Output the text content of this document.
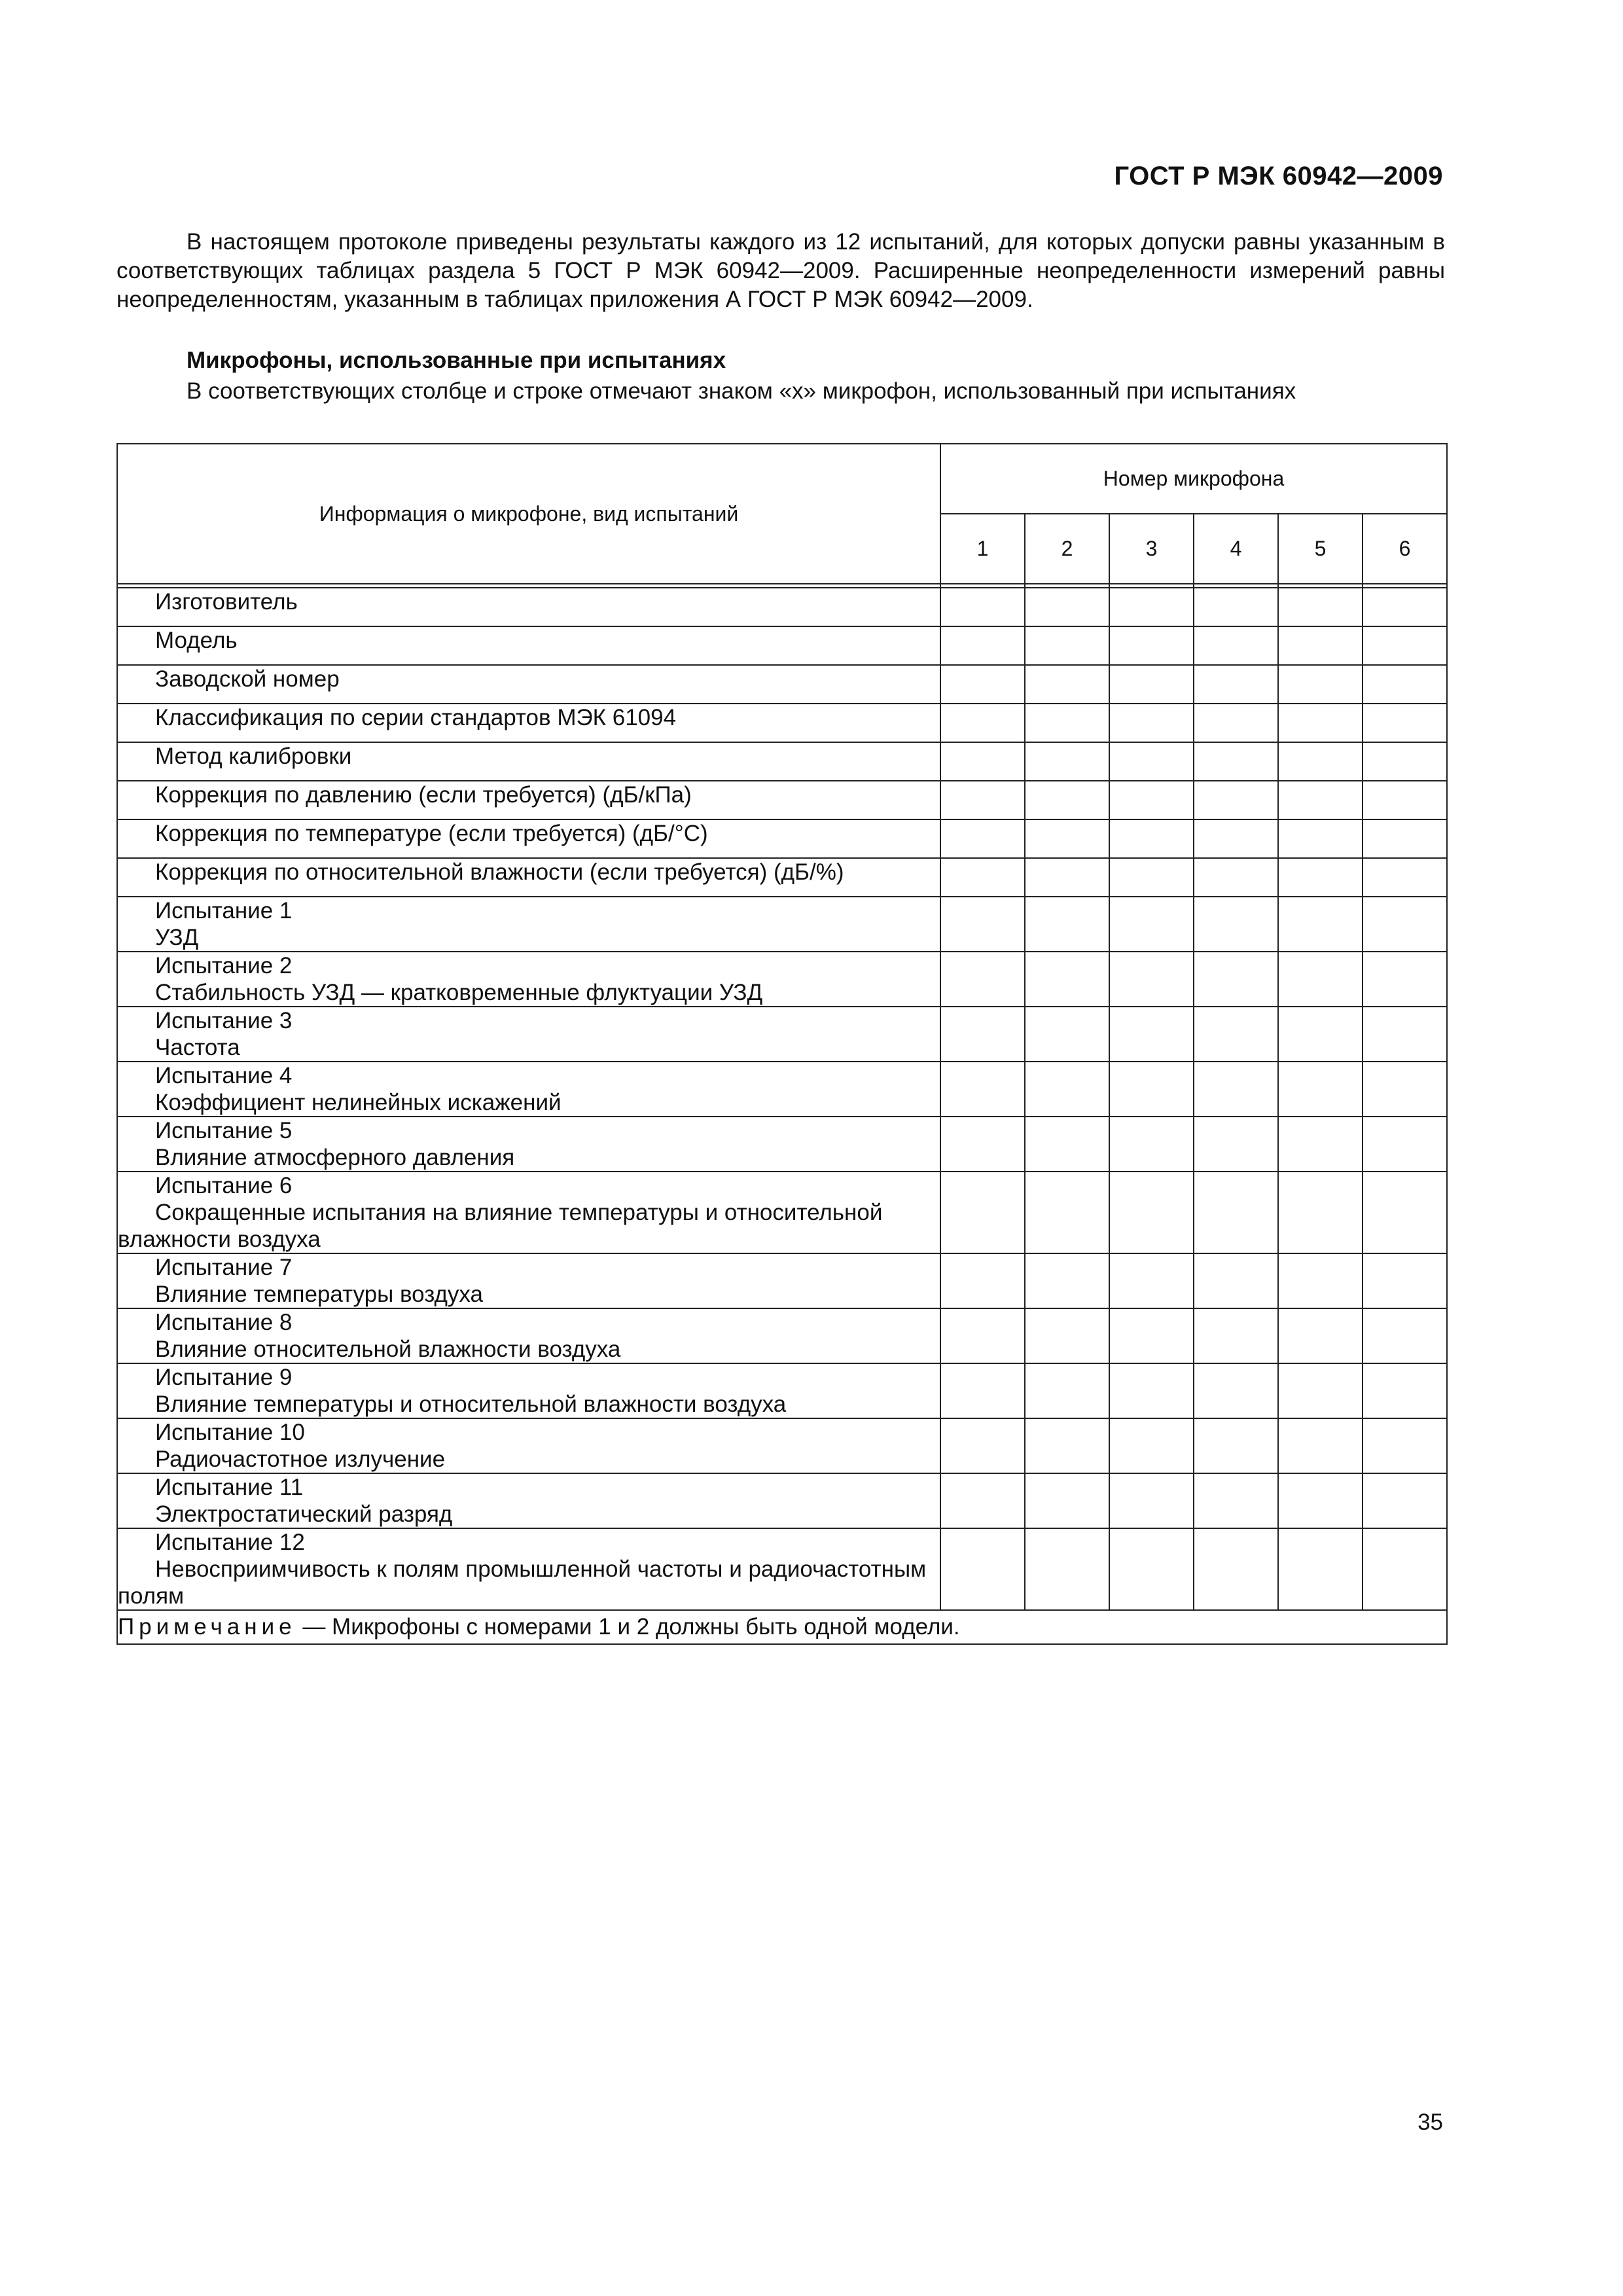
ГОСТ Р МЭК 60942—2009

В настоящем протоколе приведены результаты каждого из 12 испытаний, для которых допуски равны указанным в соответствующих таблицах раздела 5 ГОСТ Р МЭК 60942—2009. Расширенные неопределенности измерений равны неопределенностям, указанным в таблицах приложения А ГОСТ Р МЭК 60942—2009.

Микрофоны, использованные при испытаниях

В соответствующих столбце и строке отмечают знаком «х» микрофон, использованный при испытаниях

Информация о микрофоне, вид испытаний	Номер микрофона					
	1	2	3	4	5	6

Изготовитель						

Модель						

Заводской номер						

Классификация по серии стандартов МЭК 61094						

Метод калибровки						

Коррекция по давлению (если требуется) (дБ/кПа)						

Коррекция по температуре (если требуется) (дБ/°С)						

Коррекция по относительной влажности (если требуется) (дБ/%)						

Испытание 1
УЗД						

Испытание 2
Стабильность УЗД — кратковременные флуктуации УЗД						

Испытание 3
Частота						

Испытание 4
Коэффициент нелинейных искажений						

Испытание 5
Влияние атмосферного давления						

Испытание 6
Сокращенные испытания на влияние температуры и относительной влажности воздуха						

Испытание 7
Влияние температуры воздуха						

Испытание 8
Влияние относительной влажности воздуха						

Испытание 9
Влияние температуры и относительной влажности воздуха						

Испытание 10
Радиочастотное излучение						

Испытание 11
Электростатический разряд						

Испытание 12
Невосприимчивость к полям промышленной частоты и радиочастотным полям						

Примечание — Микрофоны с номерами 1 и 2 должны быть одной модели.						
35
